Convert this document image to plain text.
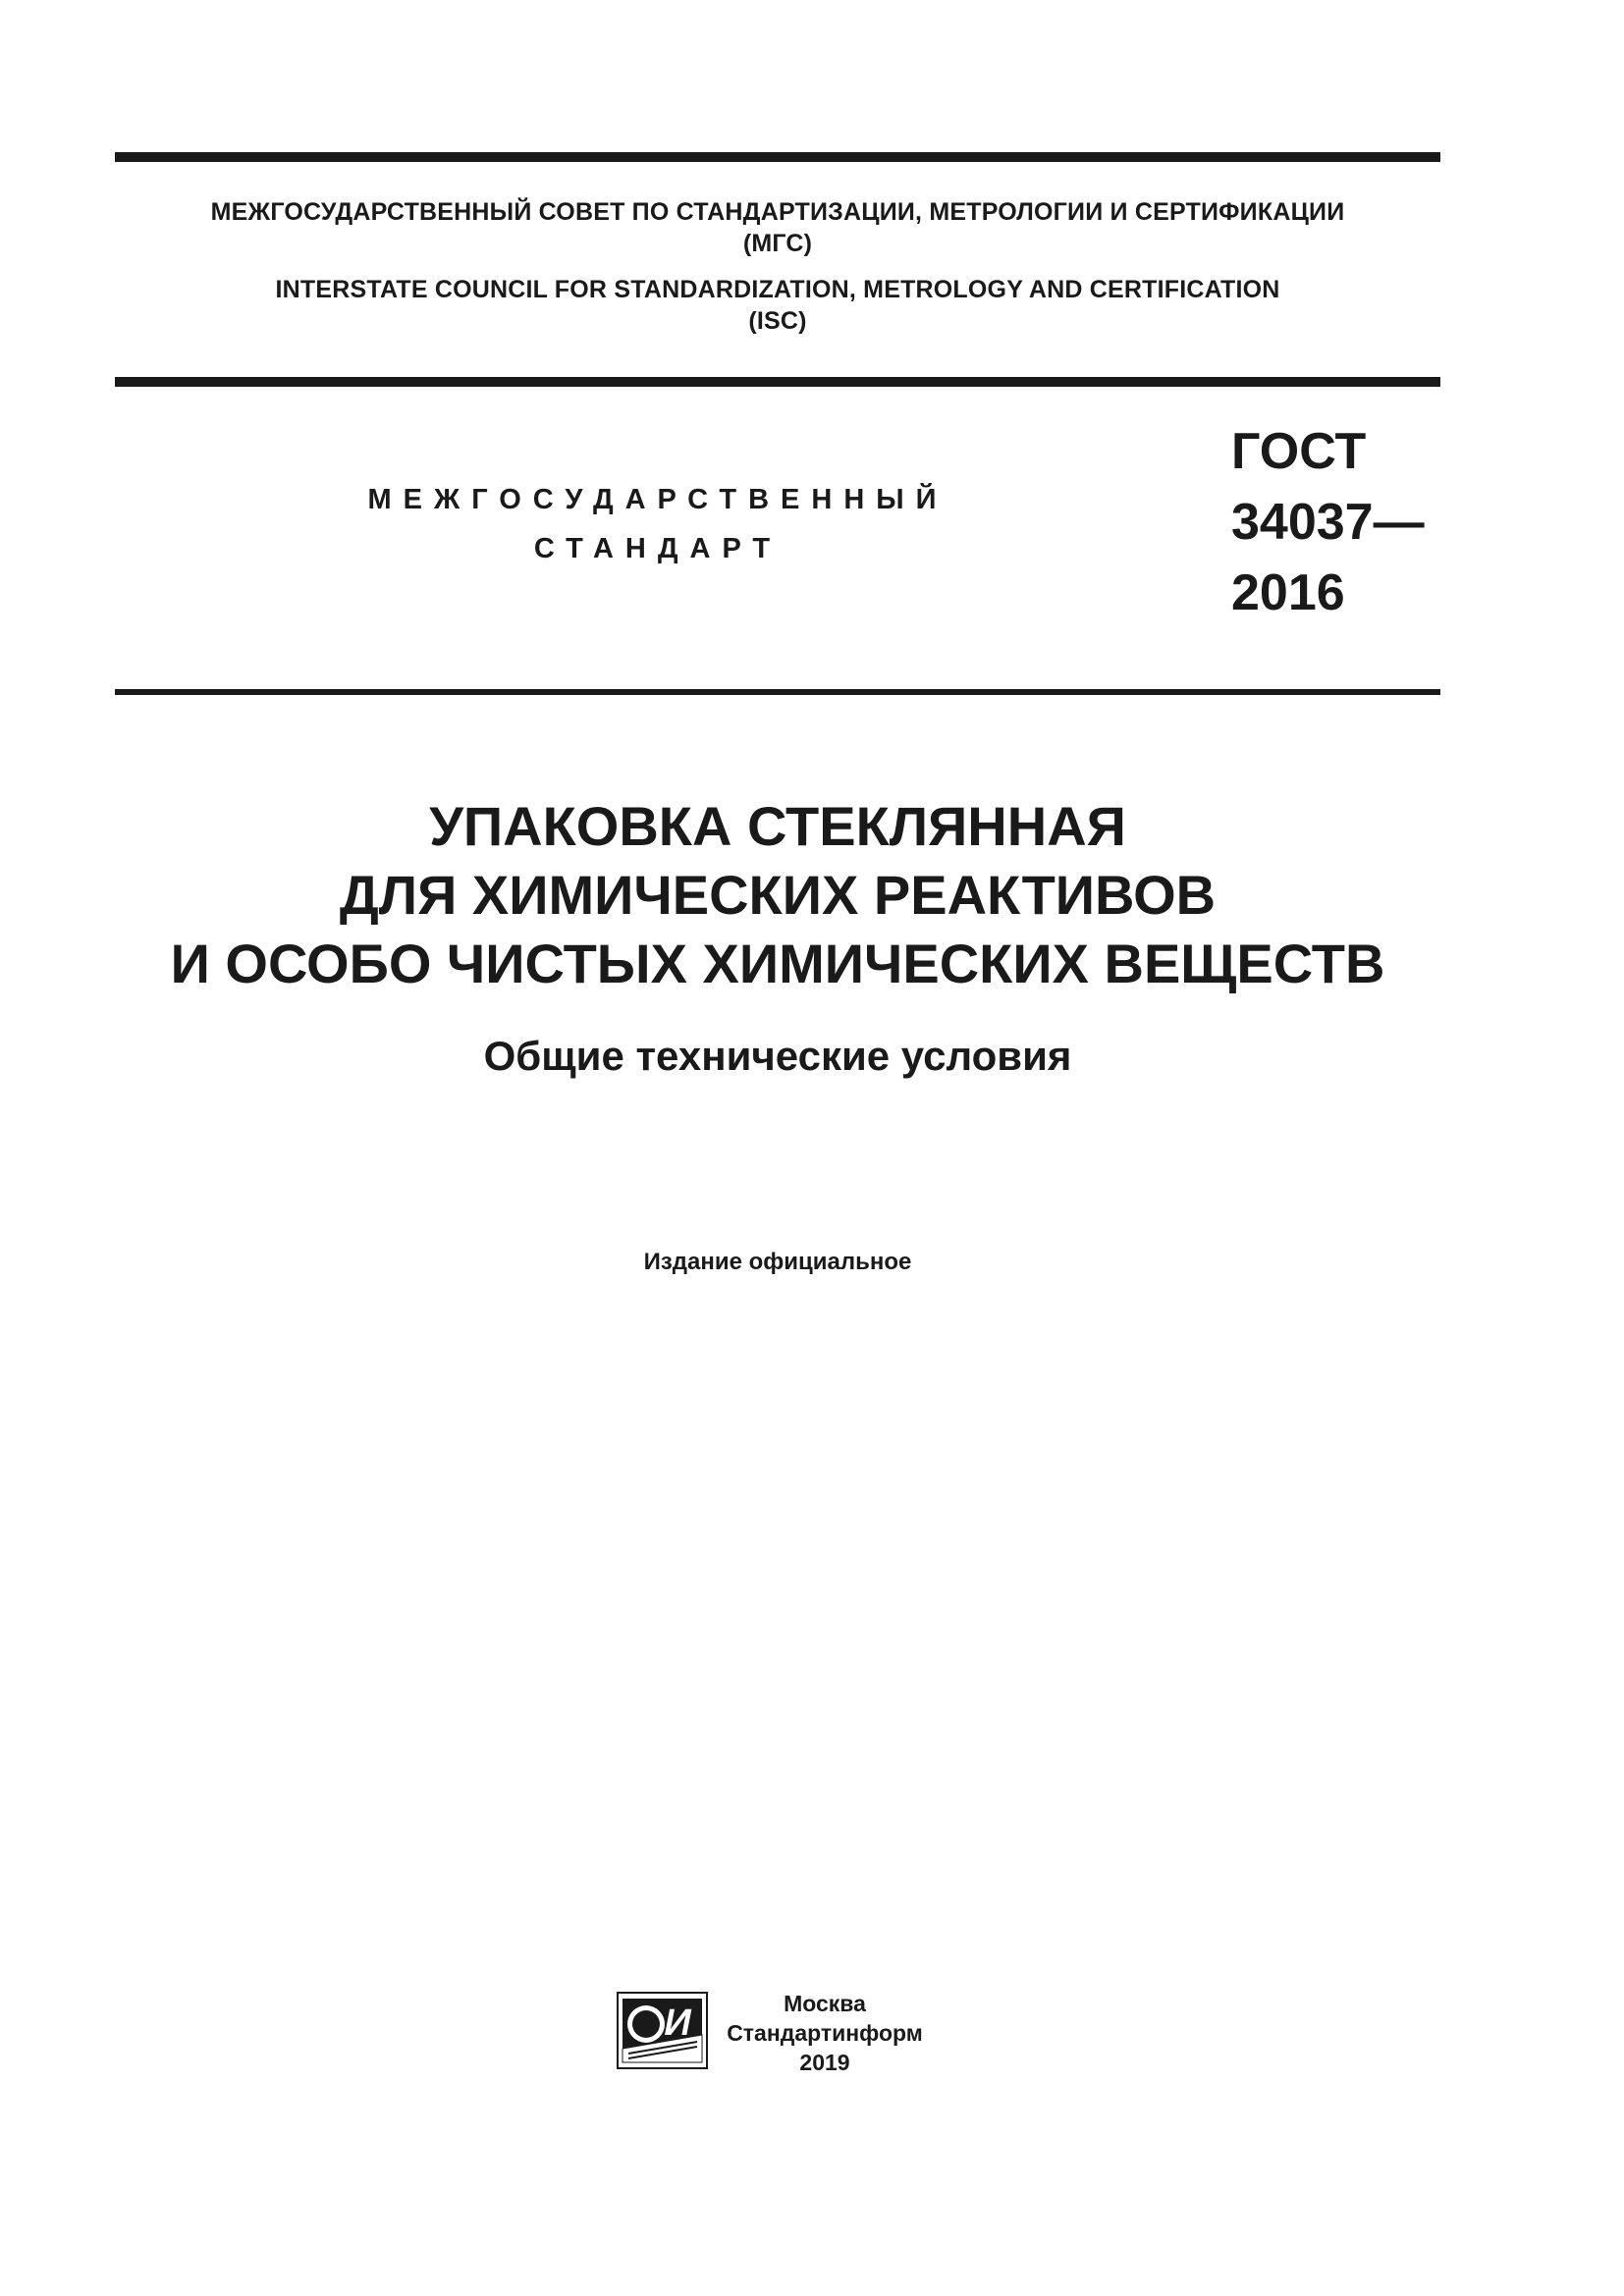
МЕЖГОСУДАРСТВЕННЫЙ СОВЕТ ПО СТАНДАРТИЗАЦИИ, МЕТРОЛОГИИ И СЕРТИФИКАЦИИ
(МГС)
INTERSTATE COUNCIL FOR STANDARDIZATION, METROLOGY AND CERTIFICATION
(ISC)
МЕЖГОСУДАРСТВЕННЫЙ
СТАНДАРТ
ГОСТ
34037—
2016
УПАКОВКА СТЕКЛЯННАЯ
ДЛЯ ХИМИЧЕСКИХ РЕАКТИВОВ
И ОСОБО ЧИСТЫХ ХИМИЧЕСКИХ ВЕЩЕСТВ
Общие технические условия
Издание официальное
И	Москва
Стандартинформ
2019
